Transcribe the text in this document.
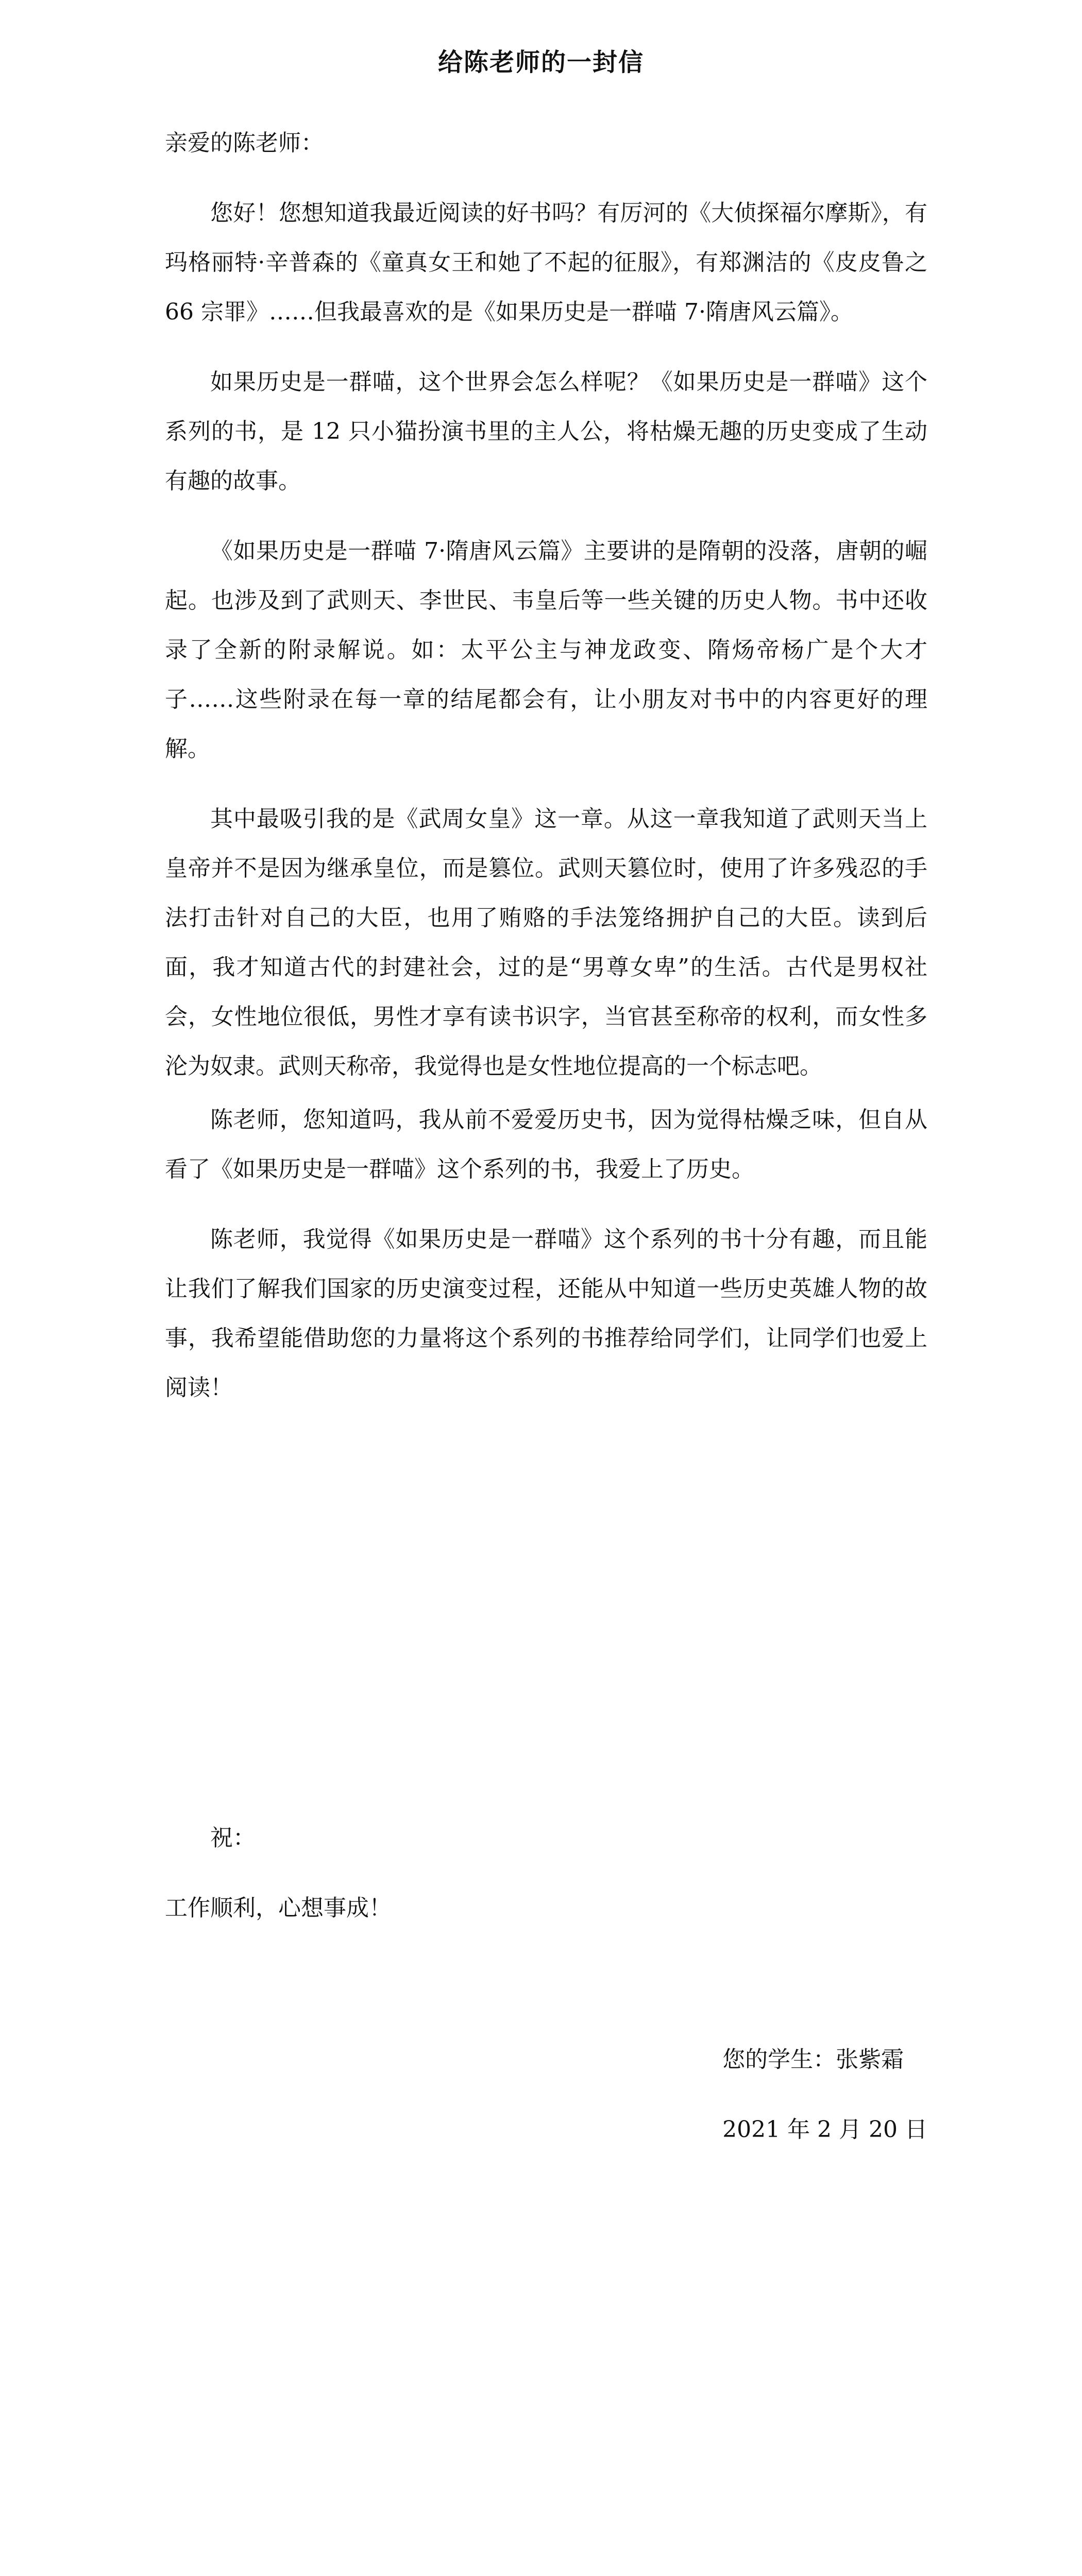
给陈老师的一封信

亲爱的陈老师：

您好！您想知道我最近阅读的好书吗？有厉河的《大侦探福尔摩斯》，有玛格丽特·辛普森的《童真女王和她了不起的征服》，有郑渊洁的《皮皮鲁之 66 宗罪》……但我最喜欢的是《如果历史是一群喵 7·隋唐风云篇》。

如果历史是一群喵，这个世界会怎么样呢？《如果历史是一群喵》这个系列的书，是 12 只小猫扮演书里的主人公，将枯燥无趣的历史变成了生动有趣的故事。

《如果历史是一群喵 7·隋唐风云篇》主要讲的是隋朝的没落，唐朝的崛起。也涉及到了武则天、李世民、韦皇后等一些关键的历史人物。书中还收录了全新的附录解说。如：太平公主与神龙政变、隋炀帝杨广是个大才子……这些附录在每一章的结尾都会有，让小朋友对书中的内容更好的理解。

其中最吸引我的是《武周女皇》这一章。从这一章我知道了武则天当上皇帝并不是因为继承皇位，而是篡位。武则天篡位时，使用了许多残忍的手法打击针对自己的大臣，也用了贿赂的手法笼络拥护自己的大臣。读到后面，我才知道古代的封建社会，过的是“男尊女卑”的生活。古代是男权社会，女性地位很低，男性才享有读书识字，当官甚至称帝的权利，而女性多沦为奴隶。武则天称帝，我觉得也是女性地位提高的一个标志吧。

陈老师，您知道吗，我从前不爱爱历史书，因为觉得枯燥乏味，但自从看了《如果历史是一群喵》这个系列的书，我爱上了历史。

陈老师，我觉得《如果历史是一群喵》这个系列的书十分有趣，而且能让我们了解我们国家的历史演变过程，还能从中知道一些历史英雄人物的故事，我希望能借助您的力量将这个系列的书推荐给同学们，让同学们也爱上阅读！

祝：
工作顺利，心想事成！
您的学生：张紫霜
2021 年 2 月 20 日
